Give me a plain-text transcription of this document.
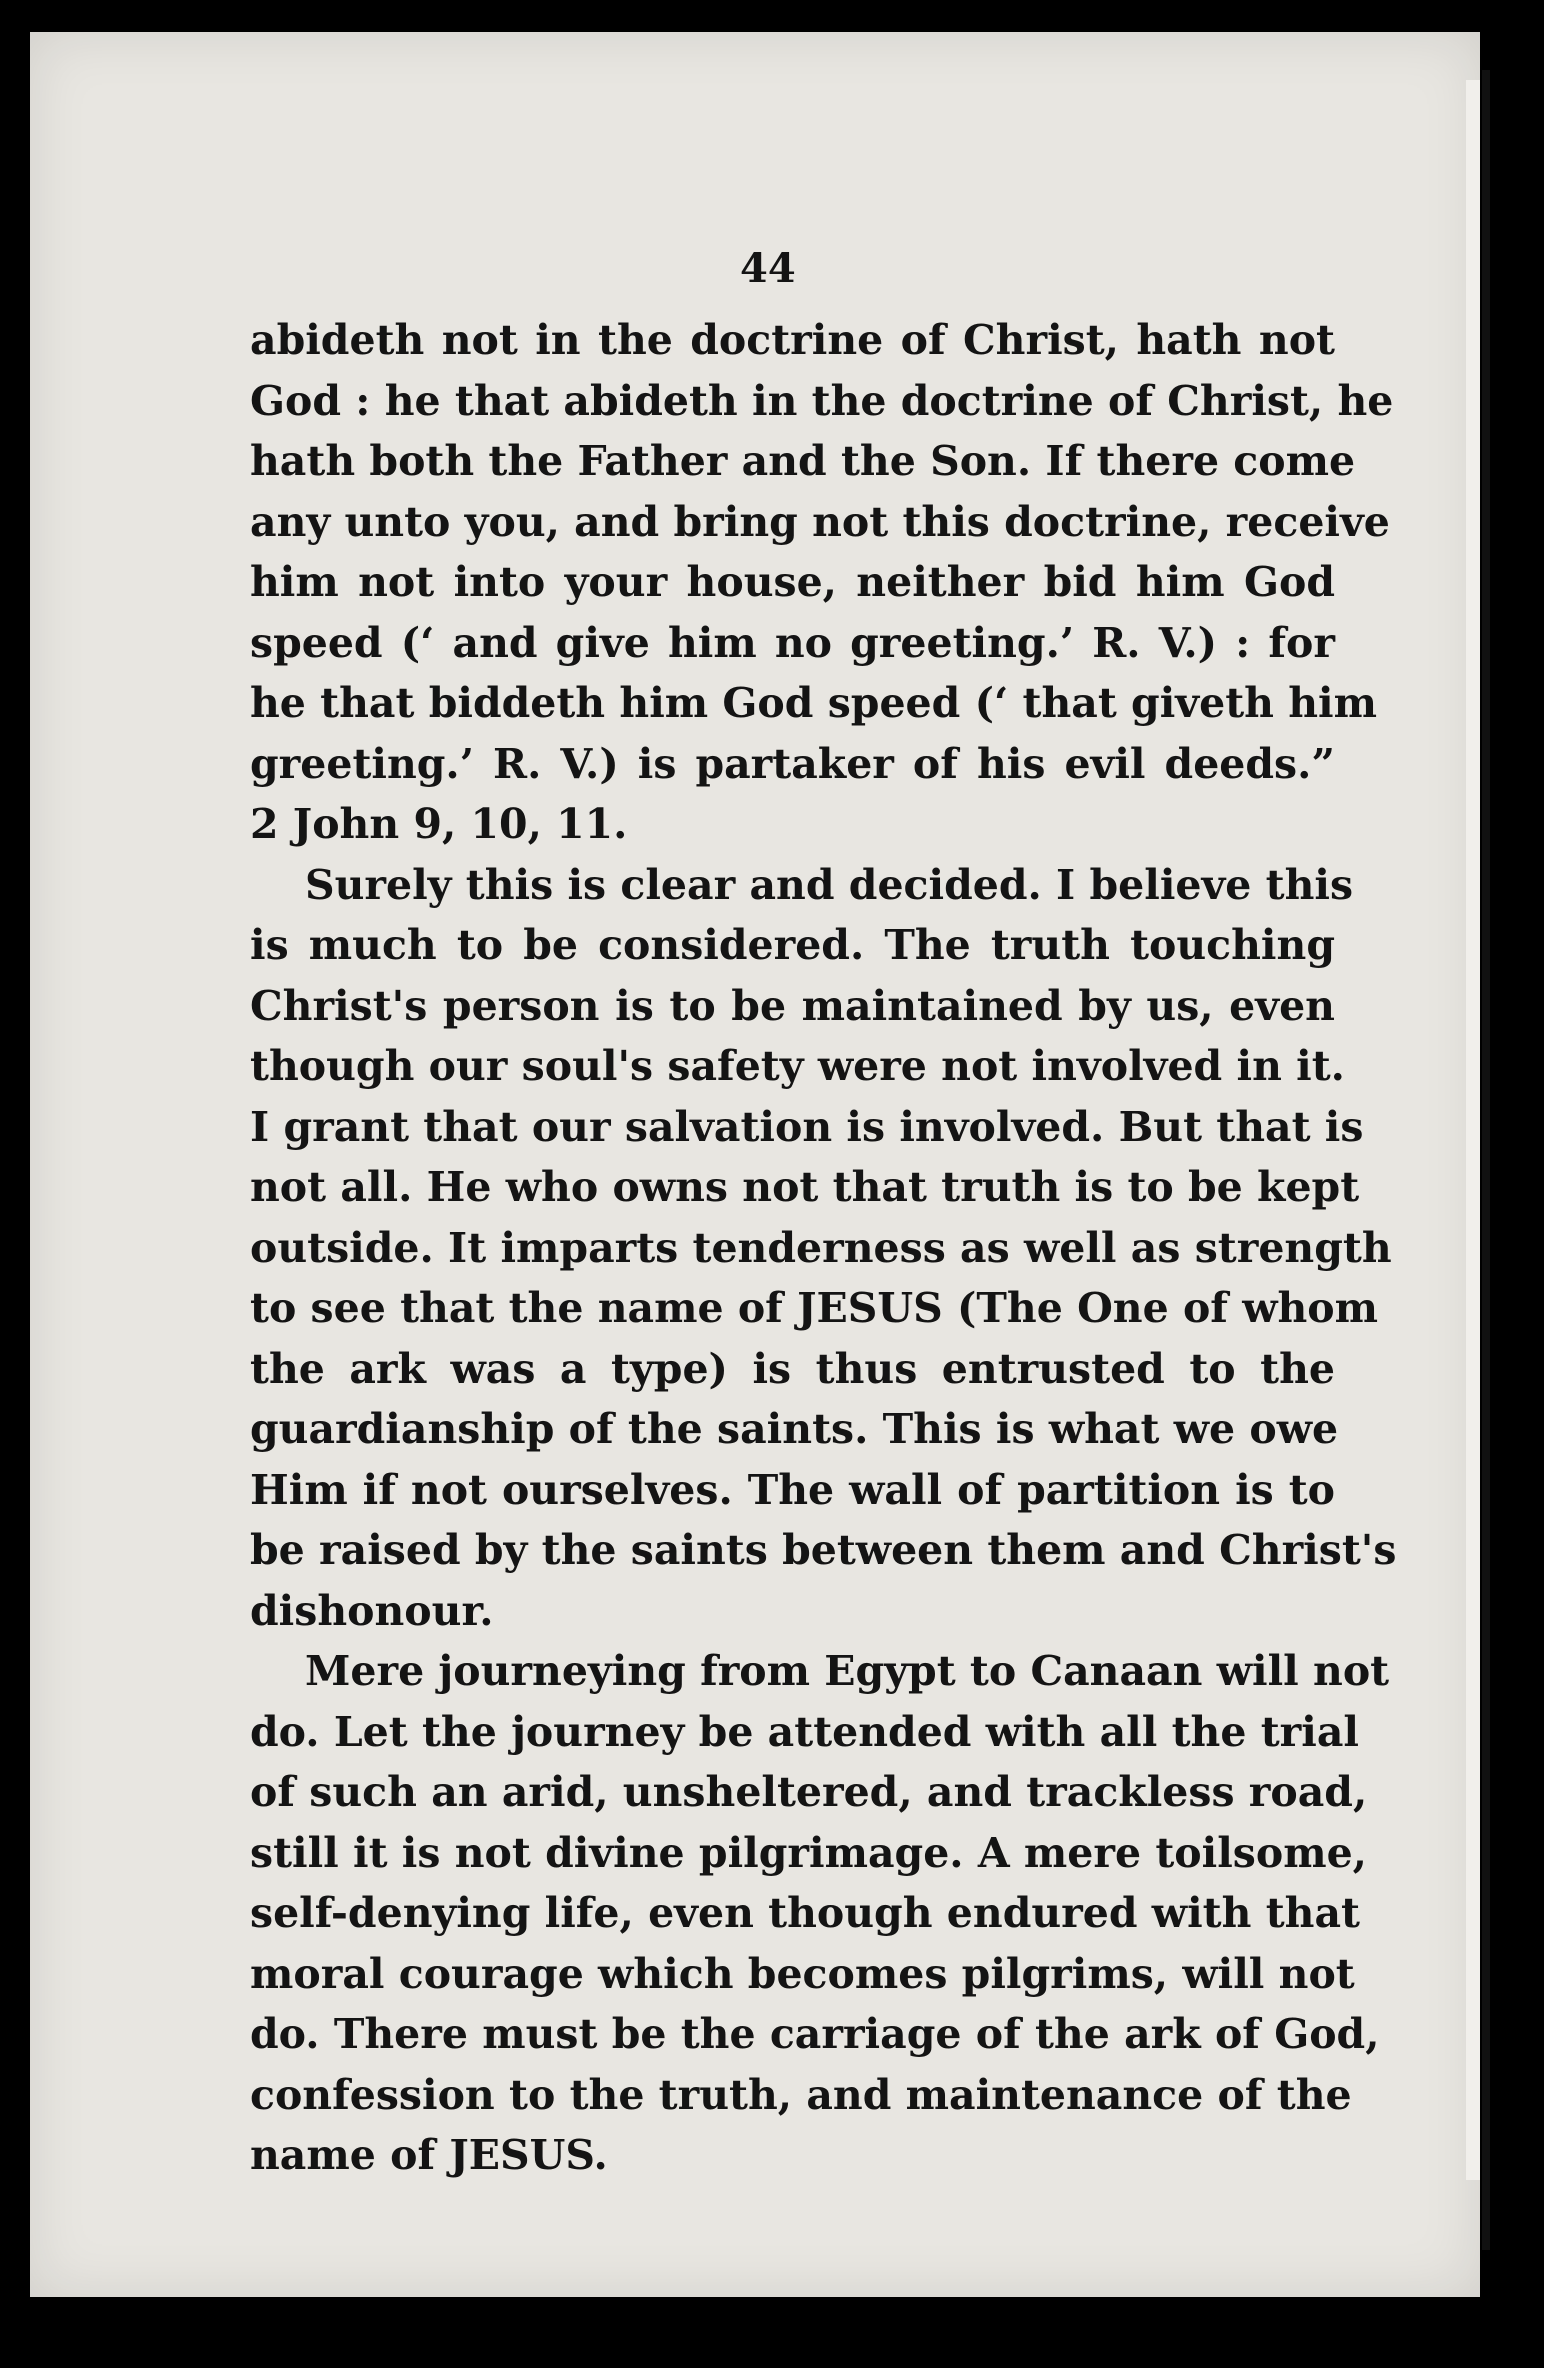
44
abideth not in the doctrine of Christ, hath not
God : he that abideth in the doctrine of Christ, he
hath both the Father and the Son. If there come
any unto you, and bring not this doctrine, receive
him not into your house, neither bid him God
speed (‘ and give him no greeting.’ R. V.) : for
he that biddeth him God speed (‘ that giveth him
greeting.’ R. V.) is partaker of his evil deeds.”
2 John 9, 10, 11.
Surely this is clear and decided. I believe this
is much to be considered. The truth touching
Christ's person is to be maintained by us, even
though our soul's safety were not involved in it.
I grant that our salvation is involved. But that is
not all. He who owns not that truth is to be kept
outside. It imparts tenderness as well as strength
to see that the name of JESUS (The One of whom
the ark was a type) is thus entrusted to the
guardianship of the saints. This is what we owe
Him if not ourselves. The wall of partition is to
be raised by the saints between them and Christ's
dishonour.
Mere journeying from Egypt to Canaan will not
do. Let the journey be attended with all the trial
of such an arid, unsheltered, and trackless road,
still it is not divine pilgrimage. A mere toilsome,
self-denying life, even though endured with that
moral courage which becomes pilgrims, will not
do. There must be the carriage of the ark of God,
confession to the truth, and maintenance of the
name of JESUS.
